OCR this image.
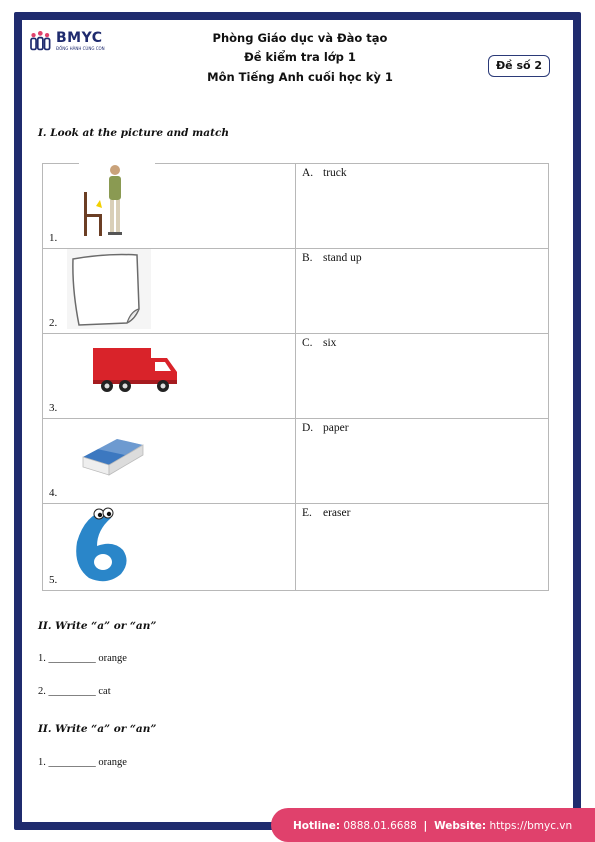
BMYC
ĐỒNG HÀNH CÙNG CON
Phòng Giáo dục và Đào tạo
Đề kiểm tra lớp 1
Môn Tiếng Anh cuối học kỳ 1
Đề số 2
I. Look at the picture and match
1.	A. truck

2.	B. stand up

3.	C. six

4.	D. paper

5.	E. eraser
II. Write “a” or “an”
1. _________ orange
2. _________ cat
II. Write “a” or “an”
1. _________ orange
Hotline: 0888.01.6688 | Website: https://bmyc.vn
